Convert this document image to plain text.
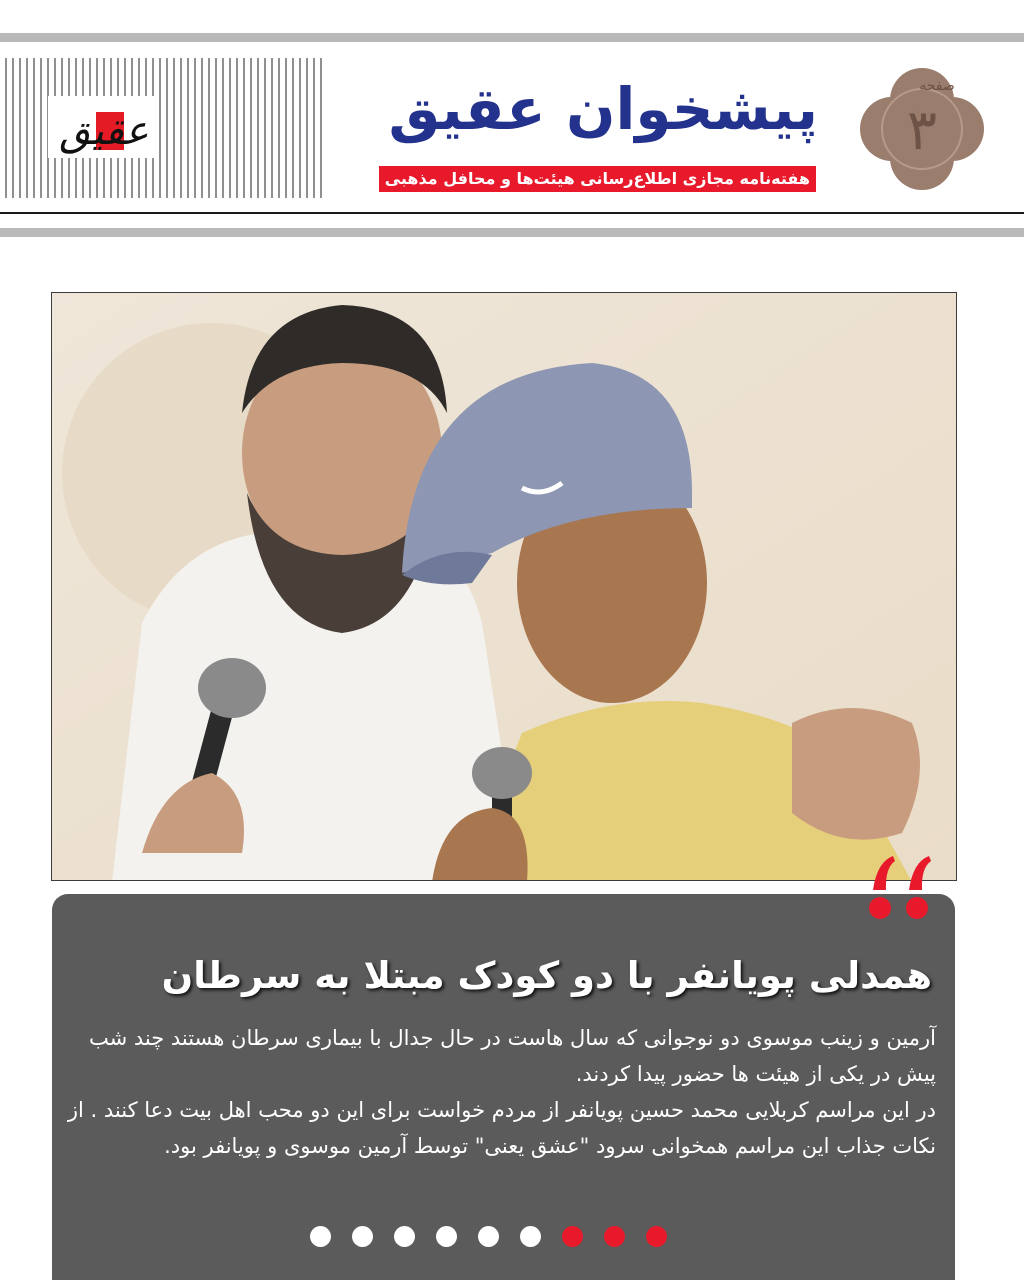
عقیق	پیشخوان عقیق
هفته‌نامه مجازی اطلاع‌رسانی هیئت‌ها و محافل مذهبی
صفحه
۳
همدلی پویانفر با دو کودک مبتلا به سرطان

آرمین و زینب موسوی دو نوجوانی که سال هاست در حال جدال با بیماری سرطان هستند چند شب پیش در یکی از هیئت ها حضور پیدا کردند.

در این مراسم کربلایی محمد حسین پویانفر از مردم خواست برای این دو محب اهل بیت دعا کنند . از نکات جذاب این مراسم همخوانی سرود "عشق یعنی" توسط آرمین موسوی و پویانفر بود.
